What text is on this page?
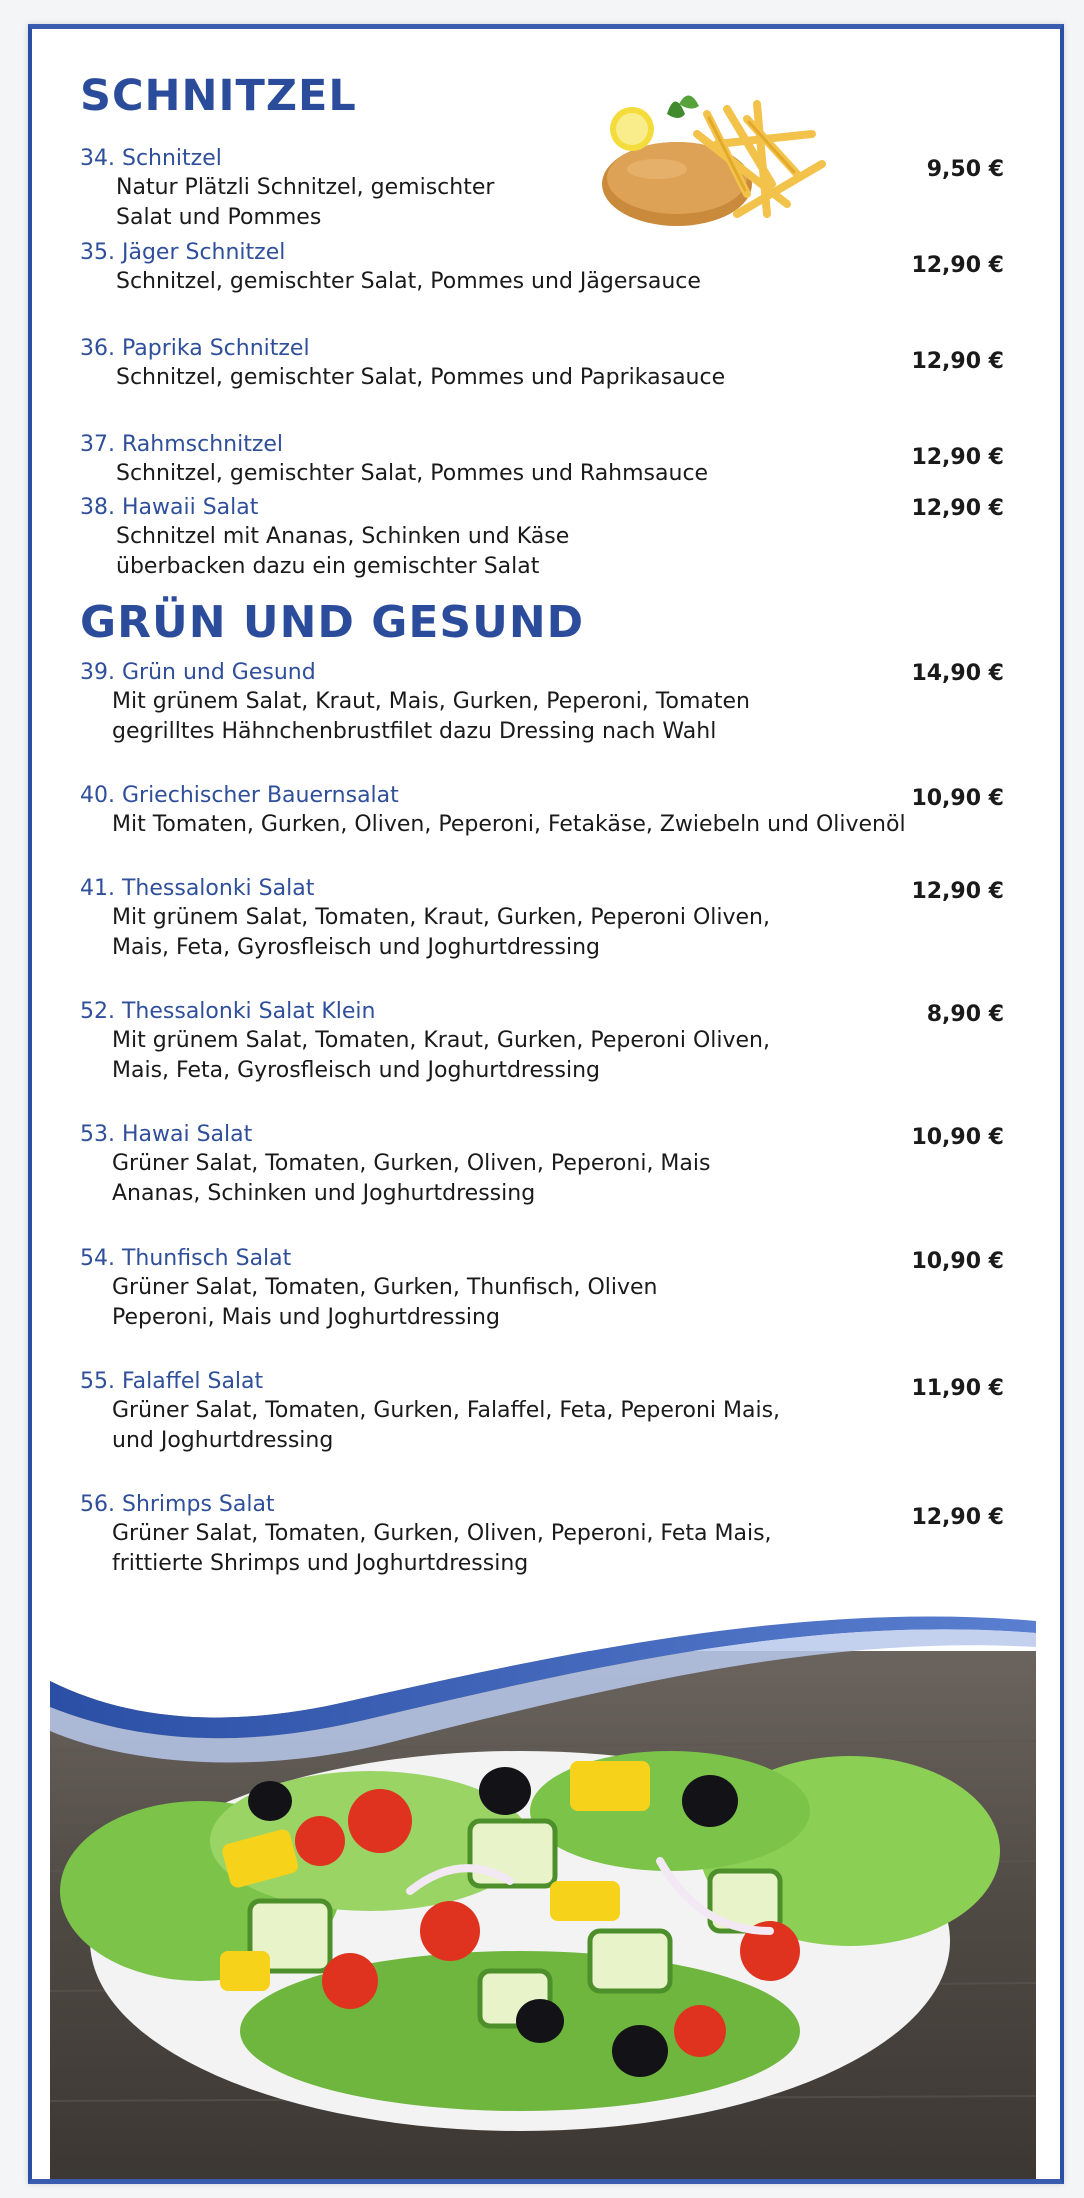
SCHNITZEL
34. Schnitzel
Natur Plätzli Schnitzel, gemischter Salat und Pommes
9,50 €
35. Jäger Schnitzel
Schnitzel, gemischter Salat, Pommes und Jägersauce
12,90 €
36. Paprika Schnitzel
Schnitzel, gemischter Salat, Pommes und Paprikasauce
12,90 €
37. Rahmschnitzel
Schnitzel, gemischter Salat, Pommes und Rahmsauce
12,90 €
38. Hawaii Salat
Schnitzel mit Ananas, Schinken und Käse überbacken dazu ein gemischter Salat
12,90 €
GRÜN UND GESUND
39. Grün und Gesund
Mit grünem Salat, Kraut, Mais, Gurken, Peperoni, Tomaten gegrilltes Hähnchenbrustfilet dazu Dressing nach Wahl
14,90 €
40. Griechischer Bauernsalat
Mit Tomaten, Gurken, Oliven, Peperoni, Fetakäse, Zwiebeln und Olivenöl
10,90 €
41. Thessalonki Salat
Mit grünem Salat, Tomaten, Kraut, Gurken, Peperoni Oliven, Mais, Feta, Gyrosfleisch und Joghurtdressing
12,90 €
52. Thessalonki Salat Klein
Mit grünem Salat, Tomaten, Kraut, Gurken, Peperoni Oliven, Mais, Feta, Gyrosfleisch und Joghurtdressing
8,90 €
53. Hawai Salat
Grüner Salat, Tomaten, Gurken, Oliven, Peperoni, Mais Ananas, Schinken und Joghurtdressing
10,90 €
54. Thunfisch Salat
Grüner Salat, Tomaten, Gurken, Thunfisch, Oliven Peperoni, Mais und Joghurtdressing
10,90 €
55. Falaffel Salat
Grüner Salat, Tomaten, Gurken, Falaffel, Feta, Peperoni Mais, und Joghurtdressing
11,90 €
56. Shrimps Salat
Grüner Salat, Tomaten, Gurken, Oliven, Peperoni, Feta Mais, frittierte Shrimps und Joghurtdressing
12,90 €
